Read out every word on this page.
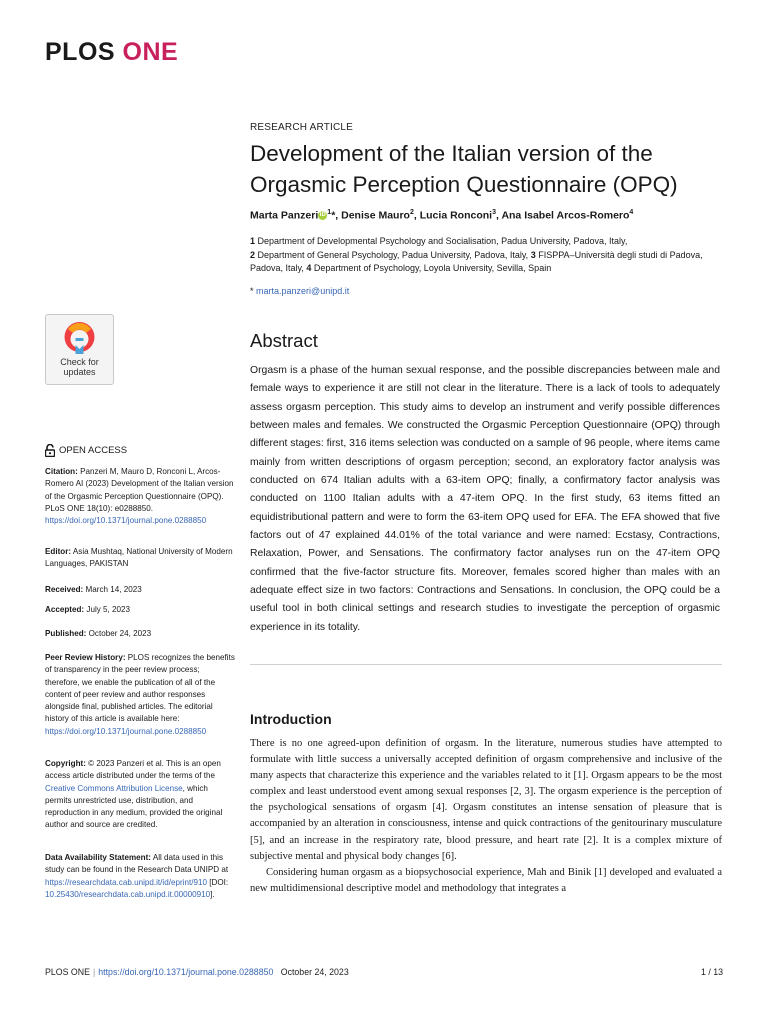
PLOS ONE
RESEARCH ARTICLE
Development of the Italian version of the Orgasmic Perception Questionnaire (OPQ)
Marta Panzeri iD $^1$*, Denise Mauro$^2$, Lucia Ronconi$^3$, Ana Isabel Arcos-Romero$^4$
1 Department of Developmental Psychology and Socialisation, Padua University, Padova, Italy,
2 Department of General Psychology, Padua University, Padova, Italy, 3 FISPPA–Università degli studi di Padova, Padova, Italy, 4 Department of Psychology, Loyola University, Sevilla, Spain
* marta.panzeri@unipd.it
Check for
updates
OPEN ACCESS
Citation: Panzeri M, Mauro D, Ronconi L, Arcos-Romero AI (2023) Development of the Italian version of the Orgasmic Perception Questionnaire (OPQ). PLoS ONE 18(10): e0288850. https://doi.org/10.1371/journal.pone.0288850
Editor: Asia Mushtaq, National University of Modern Languages, PAKISTAN
Received: March 14, 2023
Accepted: July 5, 2023
Published: October 24, 2023
Peer Review History: PLOS recognizes the benefits of transparency in the peer review process; therefore, we enable the publication of all of the content of peer review and author responses alongside final, published articles. The editorial history of this article is available here: https://doi.org/10.1371/journal.pone.0288850
Copyright: © 2023 Panzeri et al. This is an open access article distributed under the terms of the Creative Commons Attribution License, which permits unrestricted use, distribution, and reproduction in any medium, provided the original author and source are credited.
Data Availability Statement: All data used in this study can be found in the Research Data UNIPD at https://researchdata.cab.unipd.it/id/eprint/910 [DOI: 10.25430/researchdata.cab.unipd.it.00000910].
Abstract
Orgasm is a phase of the human sexual response, and the possible discrepancies between male and female ways to experience it are still not clear in the literature. There is a lack of tools to adequately assess orgasm perception. This study aims to develop an instrument and verify possible differences between males and females. We constructed the Orgasmic Perception Questionnaire (OPQ) through different stages: first, 316 items selection was conducted on a sample of 96 people, where items came mainly from written descriptions of orgasm perception; second, an exploratory factor analysis was conducted on 674 Italian adults with a 63-item OPQ; finally, a confirmatory factor analysis was conducted on 1100 Italian adults with a 47-item OPQ. In the first study, 63 items fitted an equidistributional pattern and were to form the 63-item OPQ used for EFA. The EFA showed that five factors out of 47 explained 44.01% of the total variance and were named: Ecstasy, Contractions, Relaxation, Power, and Sensations. The confirmatory factor analyses run on the 47-item OPQ confirmed that the five-factor structure fits. Moreover, females scored higher than males with an adequate effect size in two factors: Contractions and Sensations. In conclusion, the OPQ could be a useful tool in both clinical settings and research studies to investigate the perception of orgasmic experience in its totality.
Introduction

There is no one agreed-upon definition of orgasm. In the literature, numerous studies have attempted to formulate with little success a universally accepted definition of orgasm comprehensive and inclusive of the many aspects that characterize this experience and the variables related to it [1]. Orgasm appears to be the most complex and least understood event among sexual responses [2, 3]. The orgasm experience is the perception of the psychological sensations of orgasm [4]. Orgasm constitutes an intense sensation of pleasure that is accompanied by an alteration in consciousness, intense and quick contractions of the genitourinary musculature [5], and an increase in the respiratory rate, blood pressure, and heart rate [2]. It is a complex mixture of subjective mental and physical body changes [6].

Considering human orgasm as a biopsychosocial experience, Mah and Binik [1] developed and evaluated a new multidimensional descriptive model and methodology that integrates a

PLOS ONE | https://doi.org/10.1371/journal.pone.0288850 October 24, 2023	1 / 13
